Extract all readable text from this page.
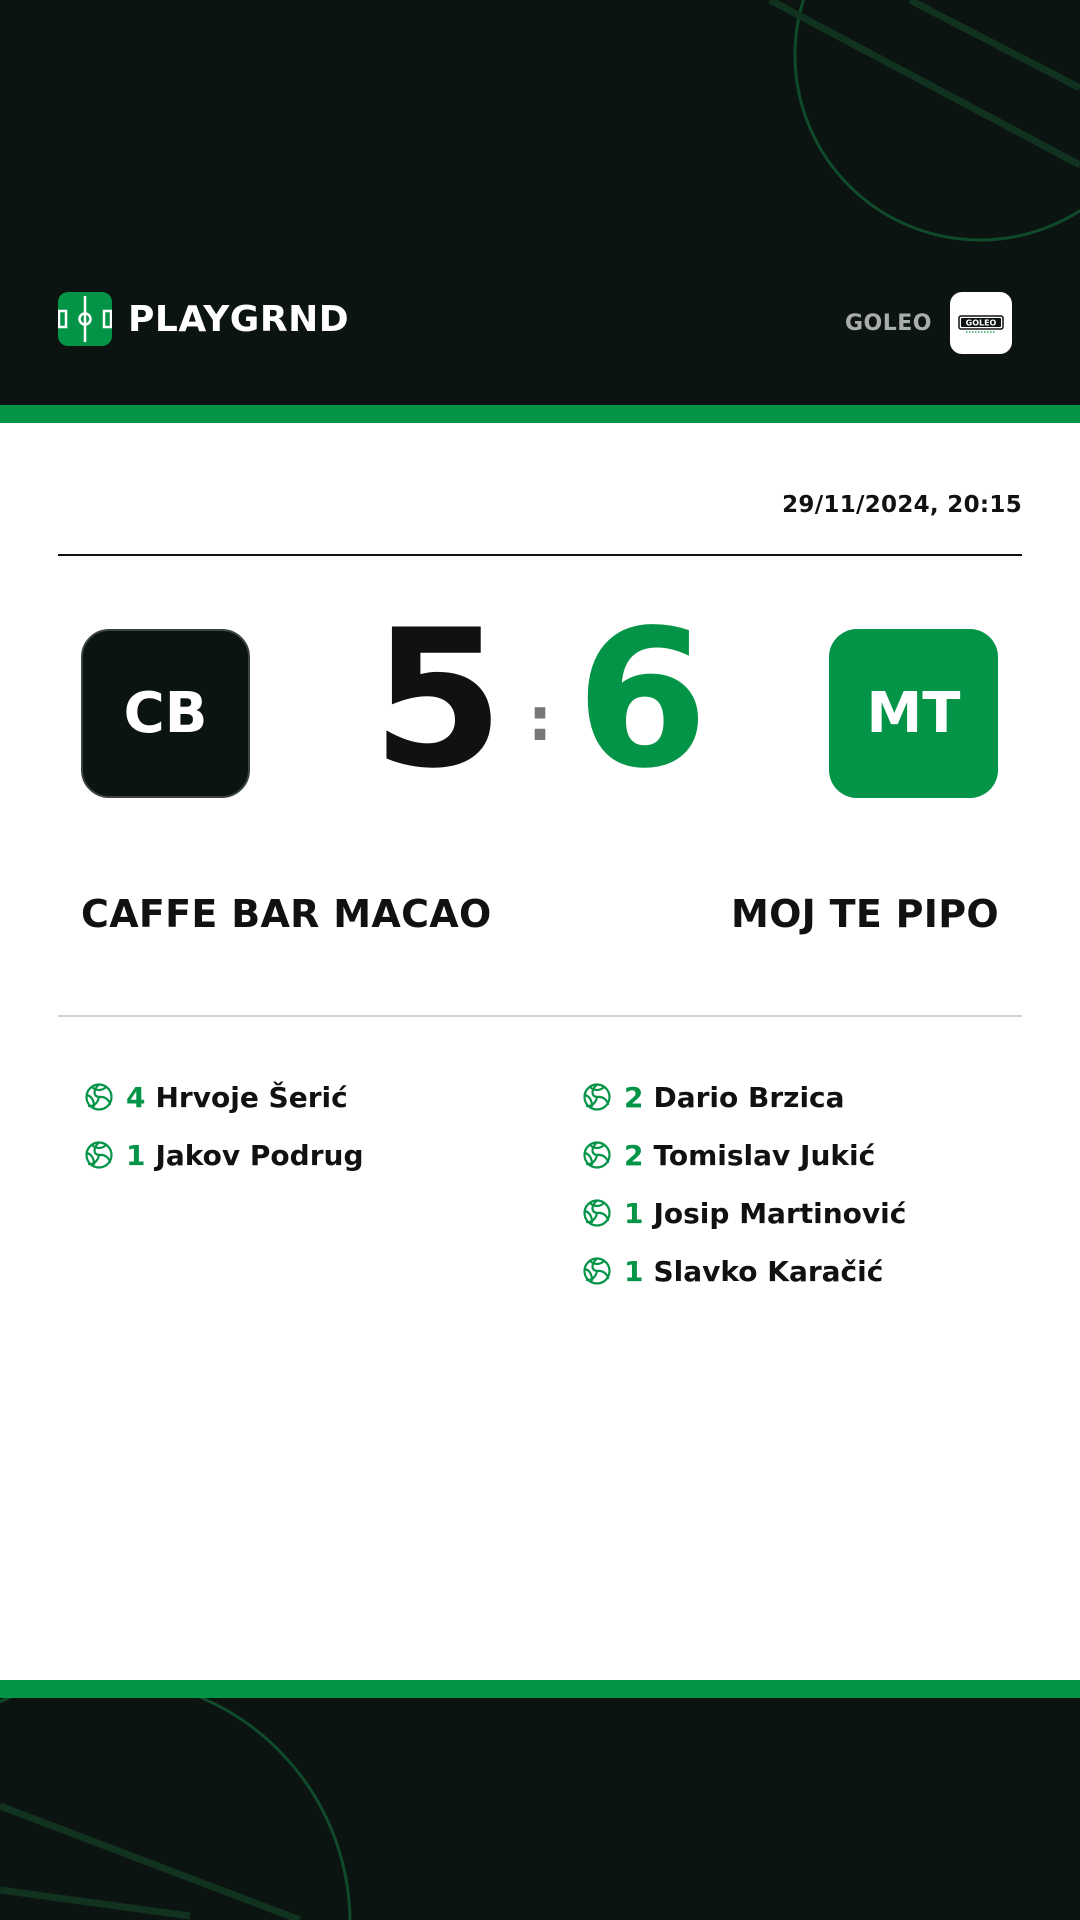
PLAYGRND	GOLEO	GOLEO
29/11/2024, 20:15
CB 5 : 6	MT
CAFFE BAR MACAO	MOJ TE PIPO
4 Hrvoje Šerić
1 Jakov Podrug
2 Dario Brzica
2 Tomislav Jukić
1 Josip Martinović
1 Slavko Karačić
